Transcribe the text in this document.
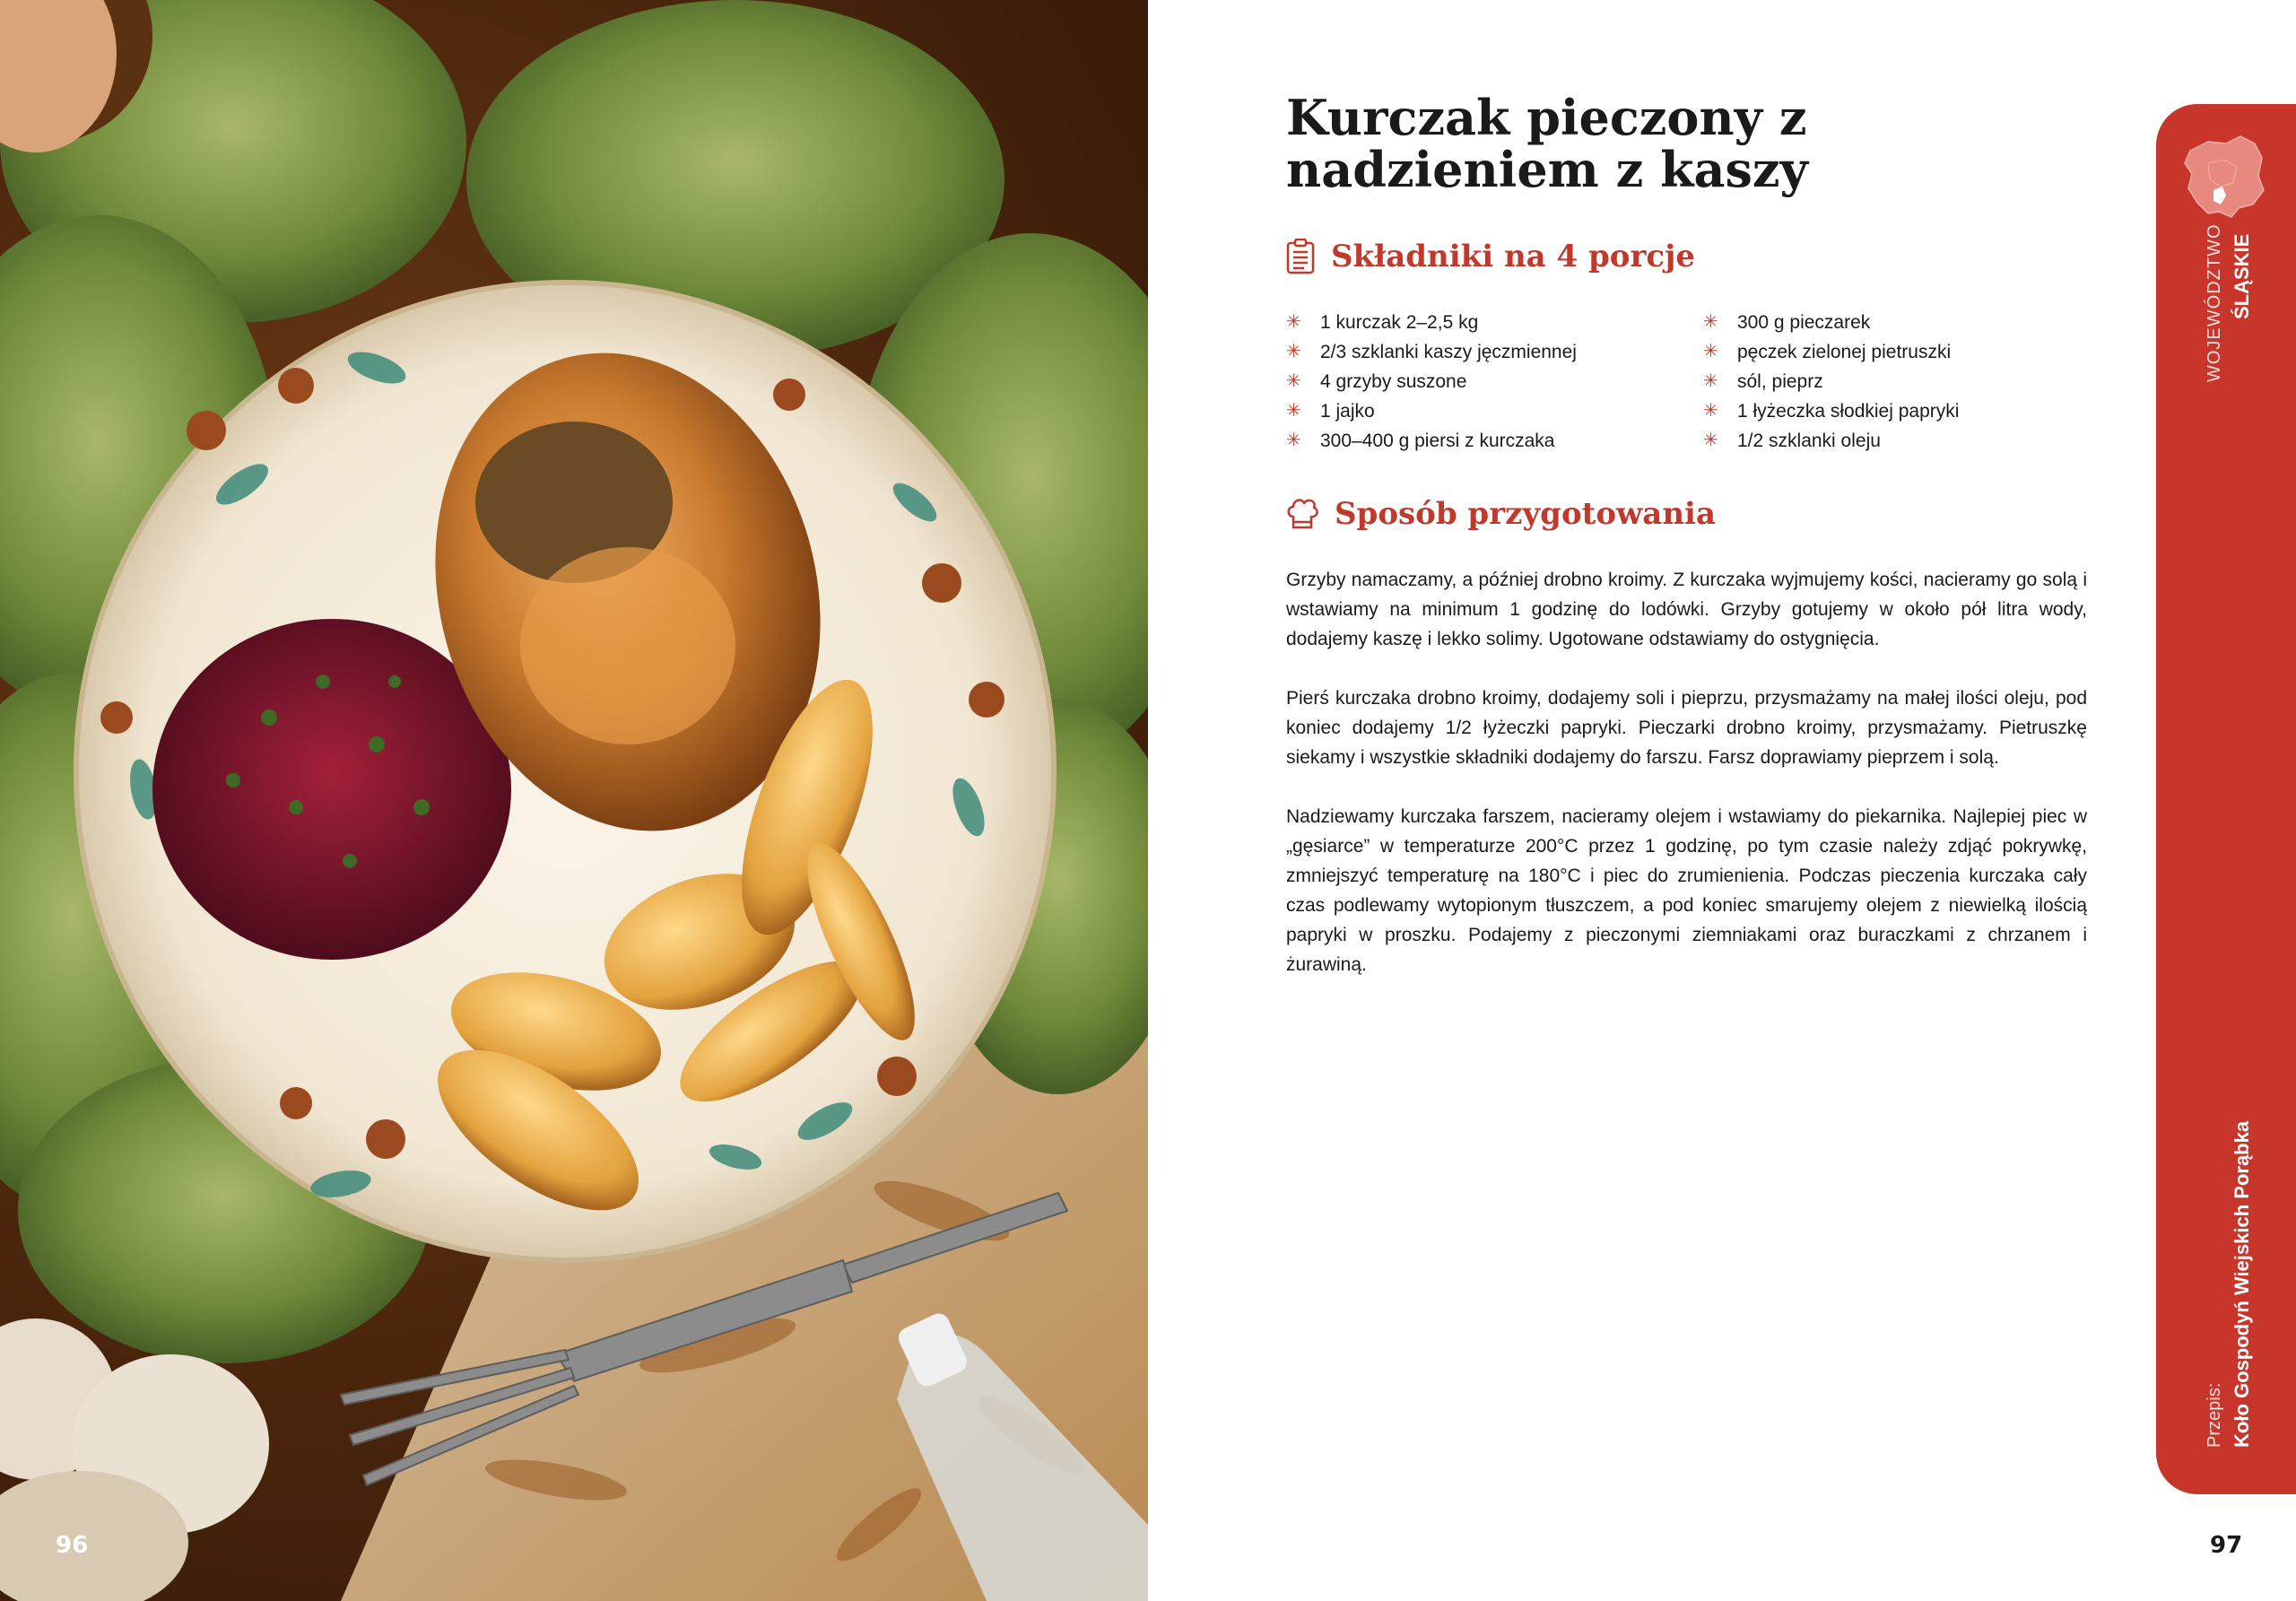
96
Kurczak pieczony z nadzieniem z kaszy
Składniki na 4 porcje
✳	1 kurczak 2–2,5 kg
✳	2/3 szklanki kaszy jęczmiennej
✳	4 grzyby suszone
✳	1 jajko
✳	300–400 g piersi z kurczaka
✳	300 g pieczarek
✳	pęczek zielonej pietruszki
✳	sól, pieprz
✳	1 łyżeczka słodkiej papryki
✳	1/2 szklanki oleju
Sposób przygotowania

Grzyby namaczamy, a później drobno kroimy. Z kurczaka wyjmujemy kości, nacieramy go solą i wstawiamy na minimum 1 godzinę do lodówki. Grzyby gotujemy w około pół litra wody, dodajemy kaszę i lekko solimy. Ugotowane odstawiamy do ostygnięcia.

Pierś kurczaka drobno kroimy, dodajemy soli i pieprzu, przysmażamy na małej ilości oleju, pod koniec dodajemy 1/2 łyżeczki papryki. Pieczarki drobno kroimy, przysmażamy. Pietruszkę siekamy i wszystkie składniki dodajemy do farszu. Farsz doprawiamy pieprzem i solą.

Nadziewamy kurczaka farszem, nacieramy olejem i wstawiamy do piekarnika. Najlepiej piec w „gęsiarce” w temperaturze 200°C przez 1 godzinę, po tym czasie należy zdjąć pokrywkę, zmniejszyć temperaturę na 180°C i piec do zrumienienia. Podczas pieczenia kurczaka cały czas podlewamy wytopionym tłuszczem, a pod koniec smarujemy olejem z niewielką ilością papryki w proszku. Podajemy z pieczonymi ziemniakami oraz buraczkami z chrzanem i żurawiną.

WOJEWÓDZTWO ŚLĄSKIE
Przepis: Koło Gospodyń Wiejskich Porąbka
97
